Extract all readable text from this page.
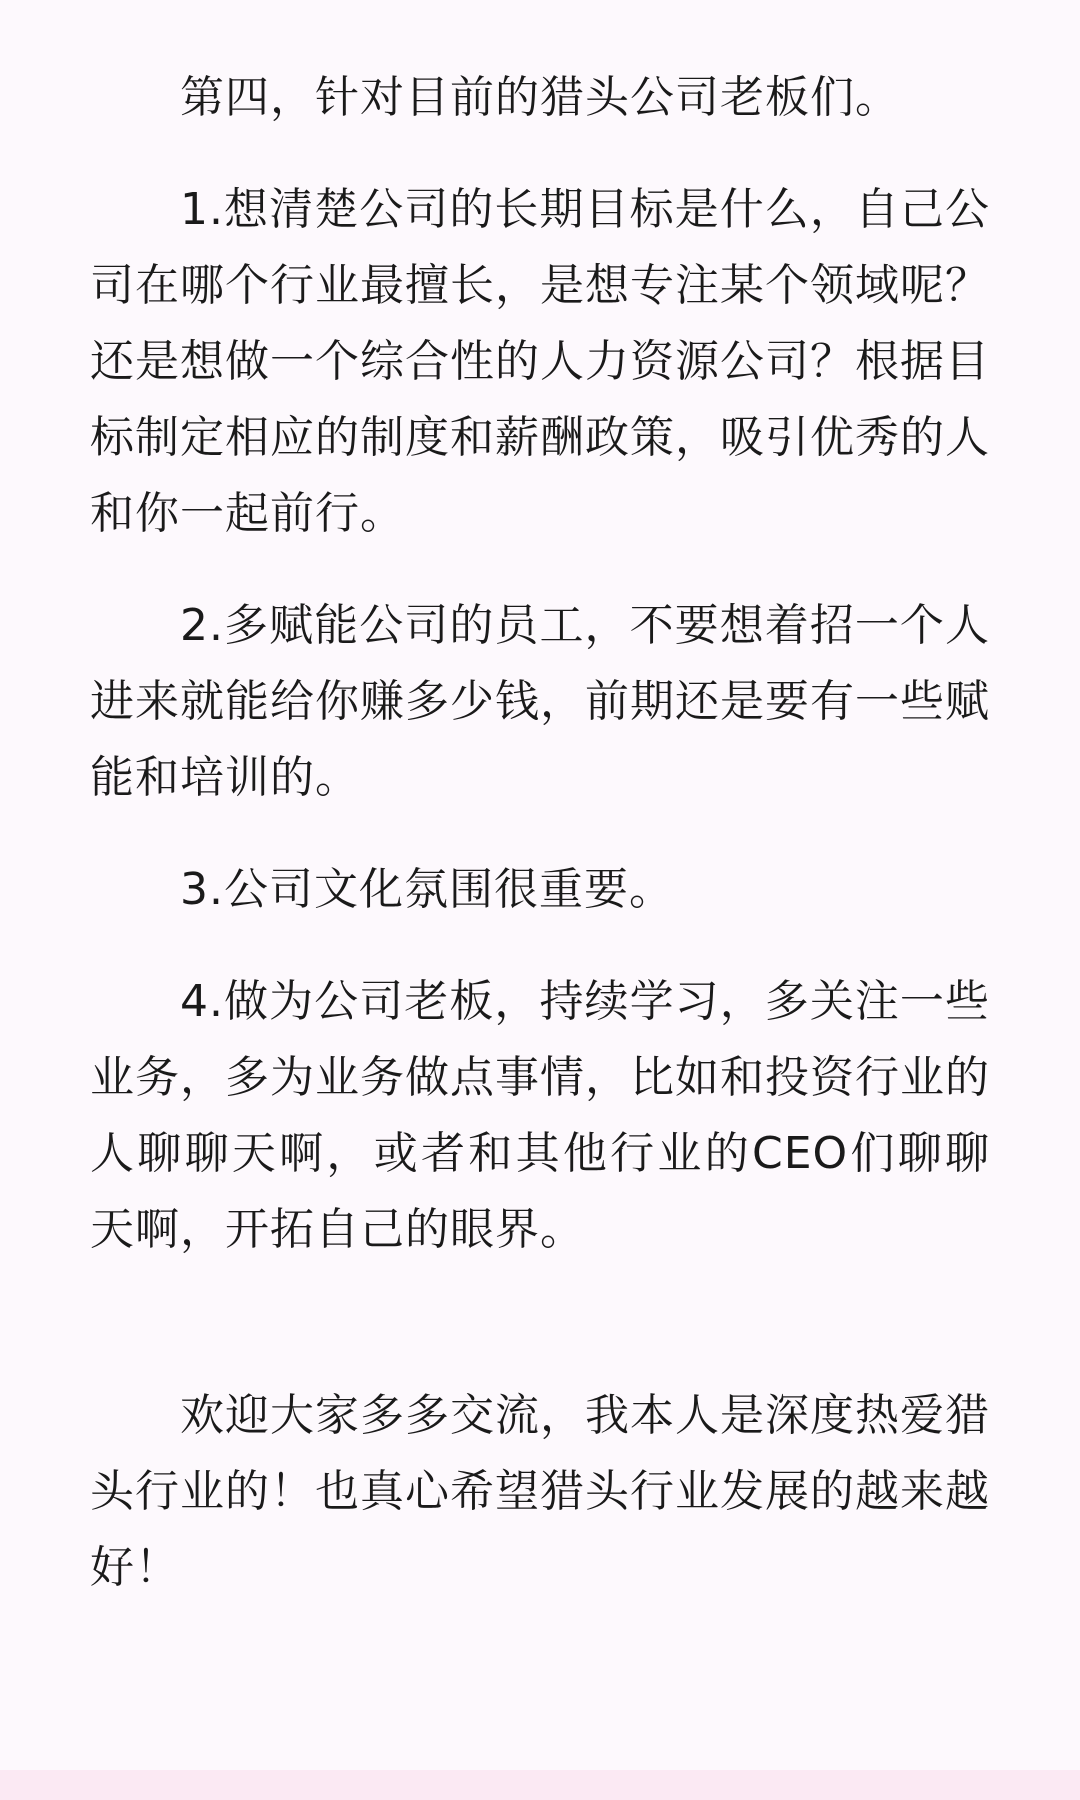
第四，针对目前的猎头公司老板们。

1.想清楚公司的长期目标是什么，自己公司在哪个行业最擅长，是想专注某个领域呢？还是想做一个综合性的人力资源公司？根据目标制定相应的制度和薪酬政策，吸引优秀的人和你一起前行。

2.多赋能公司的员工，不要想着招一个人进来就能给你赚多少钱，前期还是要有一些赋能和培训的。

3.公司文化氛围很重要。

4.做为公司老板，持续学习，多关注一些业务，多为业务做点事情，比如和投资行业的人聊聊天啊，或者和其他行业的CEO们聊聊天啊，开拓自己的眼界。

欢迎大家多多交流，我本人是深度热爱猎头行业的！也真心希望猎头行业发展的越来越好！
